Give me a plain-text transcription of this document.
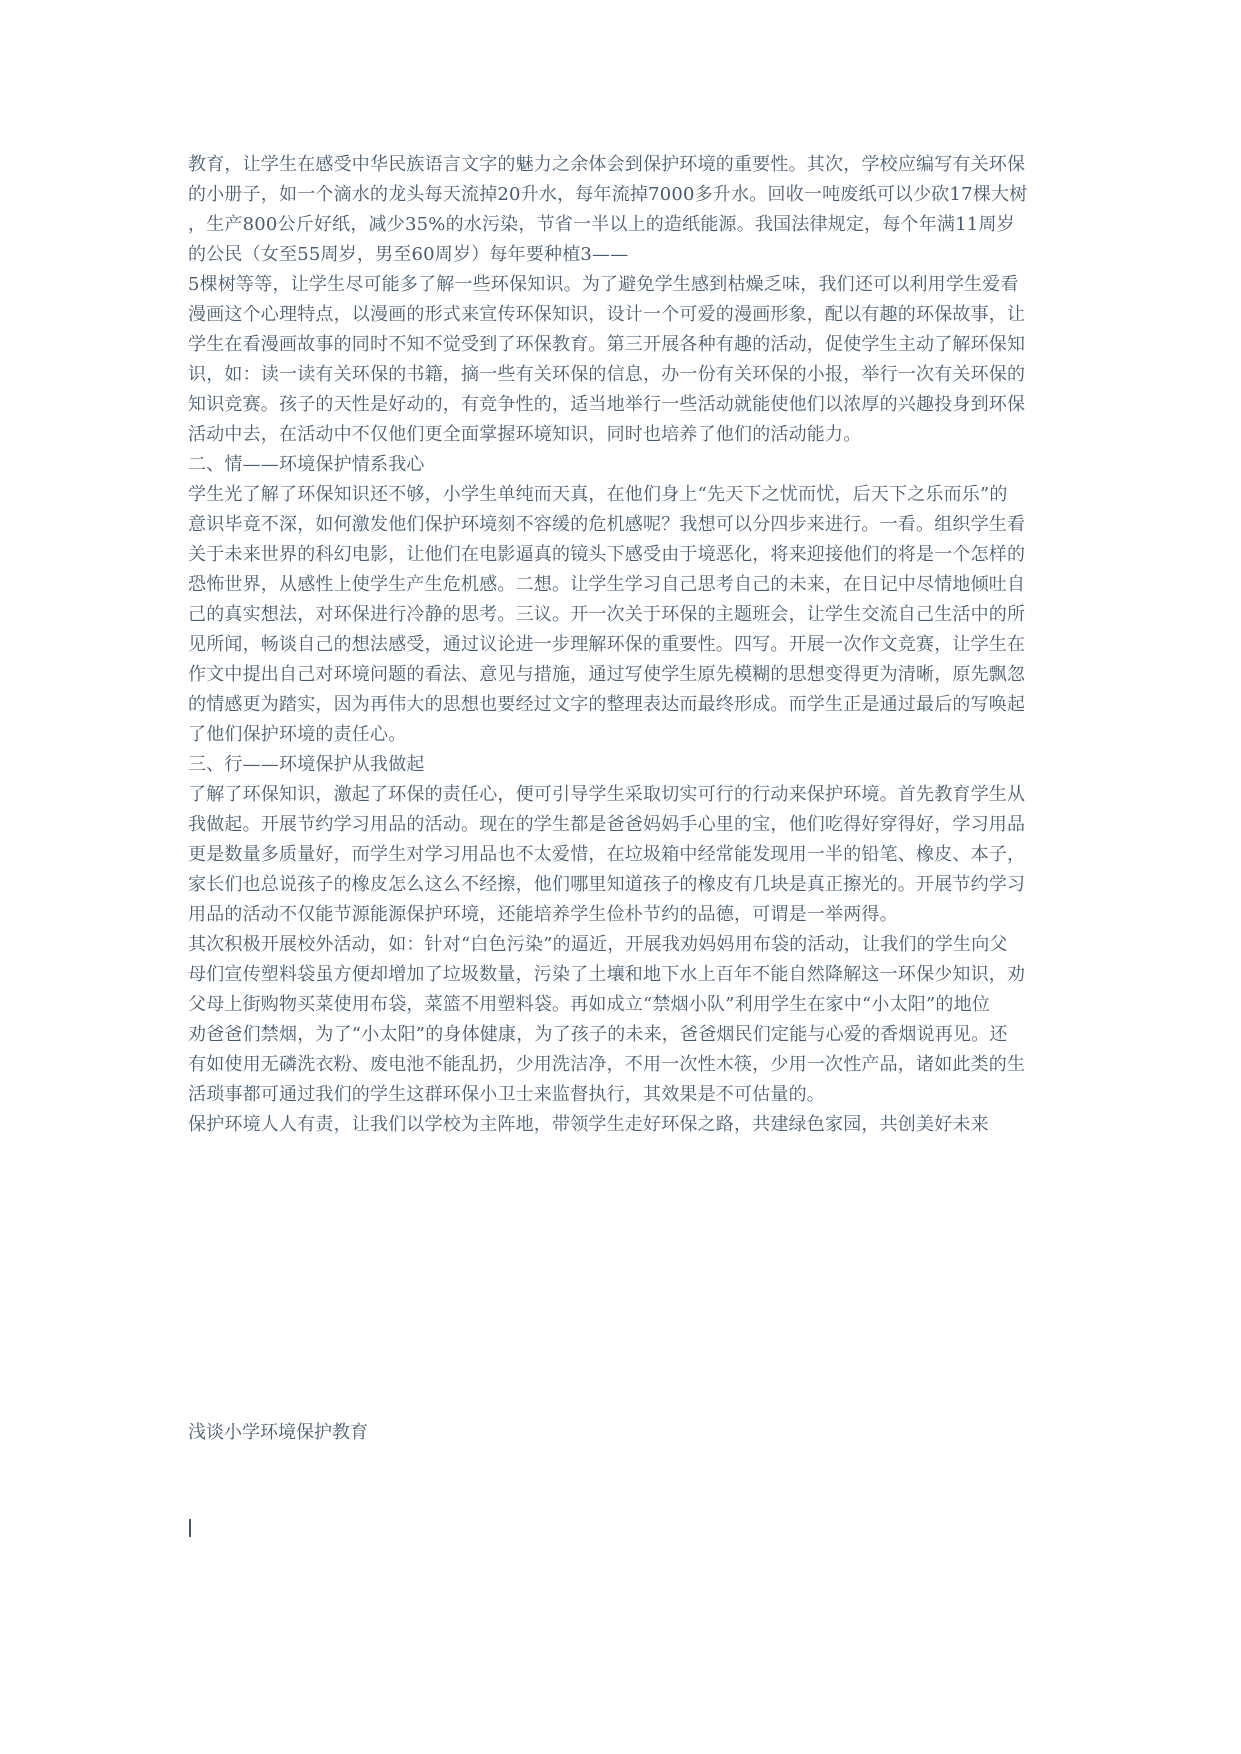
教育，让学生在感受中华民族语言文字的魅力之余体会到保护环境的重要性。其次，学校应编写有关环保
的小册子，如一个滴水的龙头每天流掉20升水，每年流掉7000多升水。回收一吨废纸可以少砍17棵大树
，生产800公斤好纸，减少35%的水污染，节省一半以上的造纸能源。我国法律规定，每个年满11周岁
的公民（女至55周岁，男至60周岁）每年要种植3——
5棵树等等，让学生尽可能多了解一些环保知识。为了避免学生感到枯燥乏味，我们还可以利用学生爱看
漫画这个心理特点，以漫画的形式来宣传环保知识，设计一个可爱的漫画形象，配以有趣的环保故事，让
学生在看漫画故事的同时不知不觉受到了环保教育。第三开展各种有趣的活动，促使学生主动了解环保知
识，如：读一读有关环保的书籍，摘一些有关环保的信息，办一份有关环保的小报，举行一次有关环保的
知识竞赛。孩子的天性是好动的，有竞争性的，适当地举行一些活动就能使他们以浓厚的兴趣投身到环保
活动中去，在活动中不仅他们更全面掌握环境知识，同时也培养了他们的活动能力。
二、情——环境保护情系我心
学生光了解了环保知识还不够，小学生单纯而天真，在他们身上“先天下之忧而忧，后天下之乐而乐”的
意识毕竟不深，如何激发他们保护环境刻不容缓的危机感呢？我想可以分四步来进行。一看。组织学生看
关于未来世界的科幻电影，让他们在电影逼真的镜头下感受由于境恶化，将来迎接他们的将是一个怎样的
恐怖世界，从感性上使学生产生危机感。二想。让学生学习自己思考自己的未来，在日记中尽情地倾吐自
己的真实想法，对环保进行冷静的思考。三议。开一次关于环保的主题班会，让学生交流自己生活中的所
见所闻，畅谈自己的想法感受，通过议论进一步理解环保的重要性。四写。开展一次作文竞赛，让学生在
作文中提出自己对环境问题的看法、意见与措施，通过写使学生原先模糊的思想变得更为清晰，原先飘忽
的情感更为踏实，因为再伟大的思想也要经过文字的整理表达而最终形成。而学生正是通过最后的写唤起
了他们保护环境的责任心。
三、行——环境保护从我做起
了解了环保知识，激起了环保的责任心，便可引导学生采取切实可行的行动来保护环境。首先教育学生从
我做起。开展节约学习用品的活动。现在的学生都是爸爸妈妈手心里的宝，他们吃得好穿得好，学习用品
更是数量多质量好，而学生对学习用品也不太爱惜，在垃圾箱中经常能发现用一半的铅笔、橡皮、本子，
家长们也总说孩子的橡皮怎么这么不经擦，他们哪里知道孩子的橡皮有几块是真正擦光的。开展节约学习
用品的活动不仅能节源能源保护环境，还能培养学生俭朴节约的品德，可谓是一举两得。
其次积极开展校外活动，如：针对“白色污染”的逼近，开展我劝妈妈用布袋的活动，让我们的学生向父
母们宣传塑料袋虽方便却增加了垃圾数量，污染了土壤和地下水上百年不能自然降解这一环保少知识，劝
父母上街购物买菜使用布袋，菜篮不用塑料袋。再如成立“禁烟小队”利用学生在家中“小太阳”的地位
劝爸爸们禁烟，为了“小太阳”的身体健康，为了孩子的未来，爸爸烟民们定能与心爱的香烟说再见。还
有如使用无磷洗衣粉、废电池不能乱扔，少用洗洁净，不用一次性木筷，少用一次性产品，诸如此类的生
活琐事都可通过我们的学生这群环保小卫士来监督执行，其效果是不可估量的。
保护环境人人有责，让我们以学校为主阵地，带领学生走好环保之路，共建绿色家园，共创美好未来
浅谈小学环境保护教育
